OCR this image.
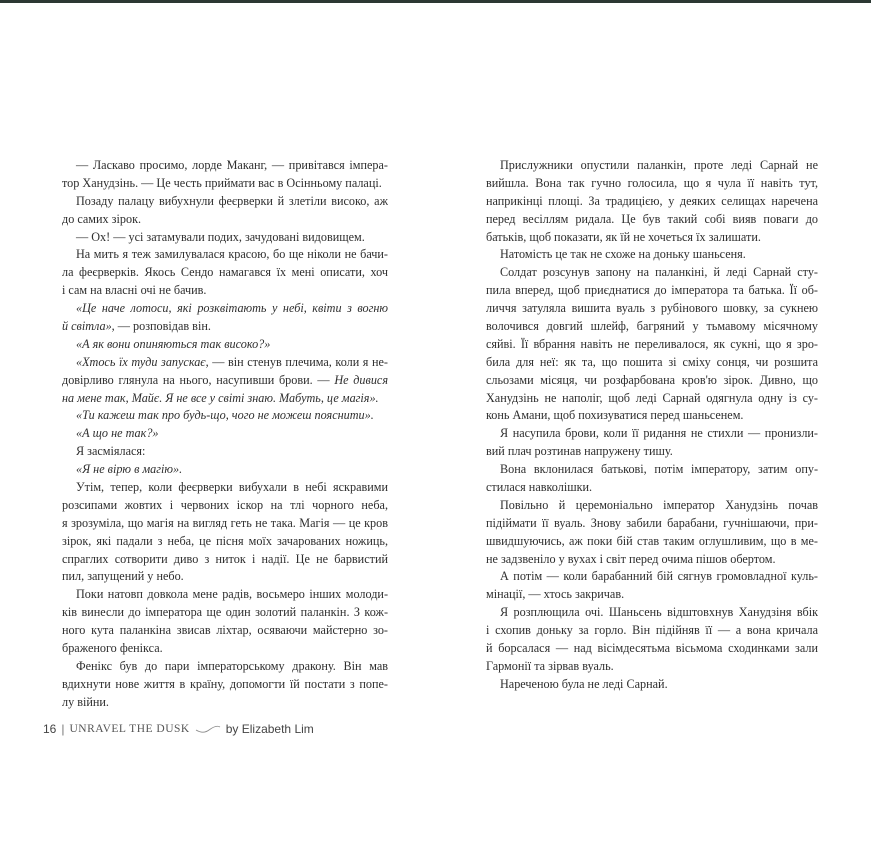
— Ласкаво просимо, лорде Маканг, — привітався імпера-
тор Ханудзінь. — Це честь приймати вас в Осінньому палаці.
Позаду палацу вибухнули феєрверки й злетіли високо, аж
до самих зірок.
— Ох! — усі затамували подих, зачудовані видовищем.
На мить я теж замилувалася красою, бо ще ніколи не бачи-
ла феєрверків. Якось Сендо намагався їх мені описати, хоч
і сам на власні очі не бачив.
«Це наче лотоси, які розквітають у небі, квіти з вогню
й світла», — розповідав він.
«А як вони опиняються так високо?»
«Хтось їх туди запускає, — він стенув плечима, коли я не-
довірливо глянула на нього, насупивши брови. — Не дивися
на мене так, Майє. Я не все у світі знаю. Мабуть, це магія».
«Ти кажеш так про будь-що, чого не можеш пояснити».
«А що не так?»
Я засміялася:
«Я не вірю в магію».
Утім, тепер, коли феєрверки вибухали в небі яскравими
розсипами жовтих і червоних іскор на тлі чорного неба,
я зрозуміла, що магія на вигляд геть не така. Магія — це кров
зірок, які падали з неба, це пісня моїх зачарованих ножиць,
спраглих сотворити диво з ниток і надії. Це не барвистий
пил, запущений у небо.
Поки натовп довкола мене радів, восьмеро інших молоди-
ків винесли до імператора ще один золотий паланкін. З кож-
ного кута паланкіна звисав ліхтар, осяваючи майстерно зо-
браженого фенікса.
Фенікс був до пари імператорському дракону. Він мав
вдихнути нове життя в країну, допомогти їй постати з попе-
лу війни.
Прислужники опустили паланкін, проте леді Сарнай не
вийшла. Вона так гучно голосила, що я чула її навіть тут,
наприкінці площі. За традицією, у деяких селищах наречена
перед весіллям ридала. Це був такий собі вияв поваги до
батьків, щоб показати, як їй не хочеться їх залишати.
Натомість це так не схоже на доньку шаньсеня.
Солдат розсунув запону на паланкіні, й леді Сарнай сту-
пила вперед, щоб приєднатися до імператора та батька. Її об-
личчя затуляла вишита вуаль з рубінового шовку, за сукнею
волочився довгий шлейф, багряний у тьмавому місячному
сяйві. Її вбрання навіть не переливалося, як сукні, що я зро-
била для неї: як та, що пошита зі сміху сонця, чи розшита
сльозами місяця, чи розфарбована кров'ю зірок. Дивно, що
Ханудзінь не наполіг, щоб леді Сарнай одягнула одну із су-
конь Амани, щоб похизуватися перед шаньсенем.
Я насупила брови, коли її ридання не стихли — пронизли-
вий плач розтинав напружену тишу.
Вона вклонилася батькові, потім імператору, затим опу-
стилася навколішки.
Повільно й церемоніально імператор Ханудзінь почав
підіймати її вуаль. Знову забили барабани, гучнішаючи, при-
швидшуючись, аж поки бій став таким оглушливим, що в ме-
не задзвеніло у вухах і світ перед очима пішов обертом.
А потім — коли барабанний бій сягнув громовладної куль-
мінації, — хтось закричав.
Я розплющила очі. Шаньсень відштовхнув Ханудзіня вбік
і схопив доньку за горло. Він підійняв її — а вона кричала
й борсалася — над вісімдесятьма вісьмома сходинками зали
Гармонії та зірвав вуаль.
Нареченою була не леді Сарнай.
16 | UNRAVEL THE DUSK	by Elizabeth Lim
